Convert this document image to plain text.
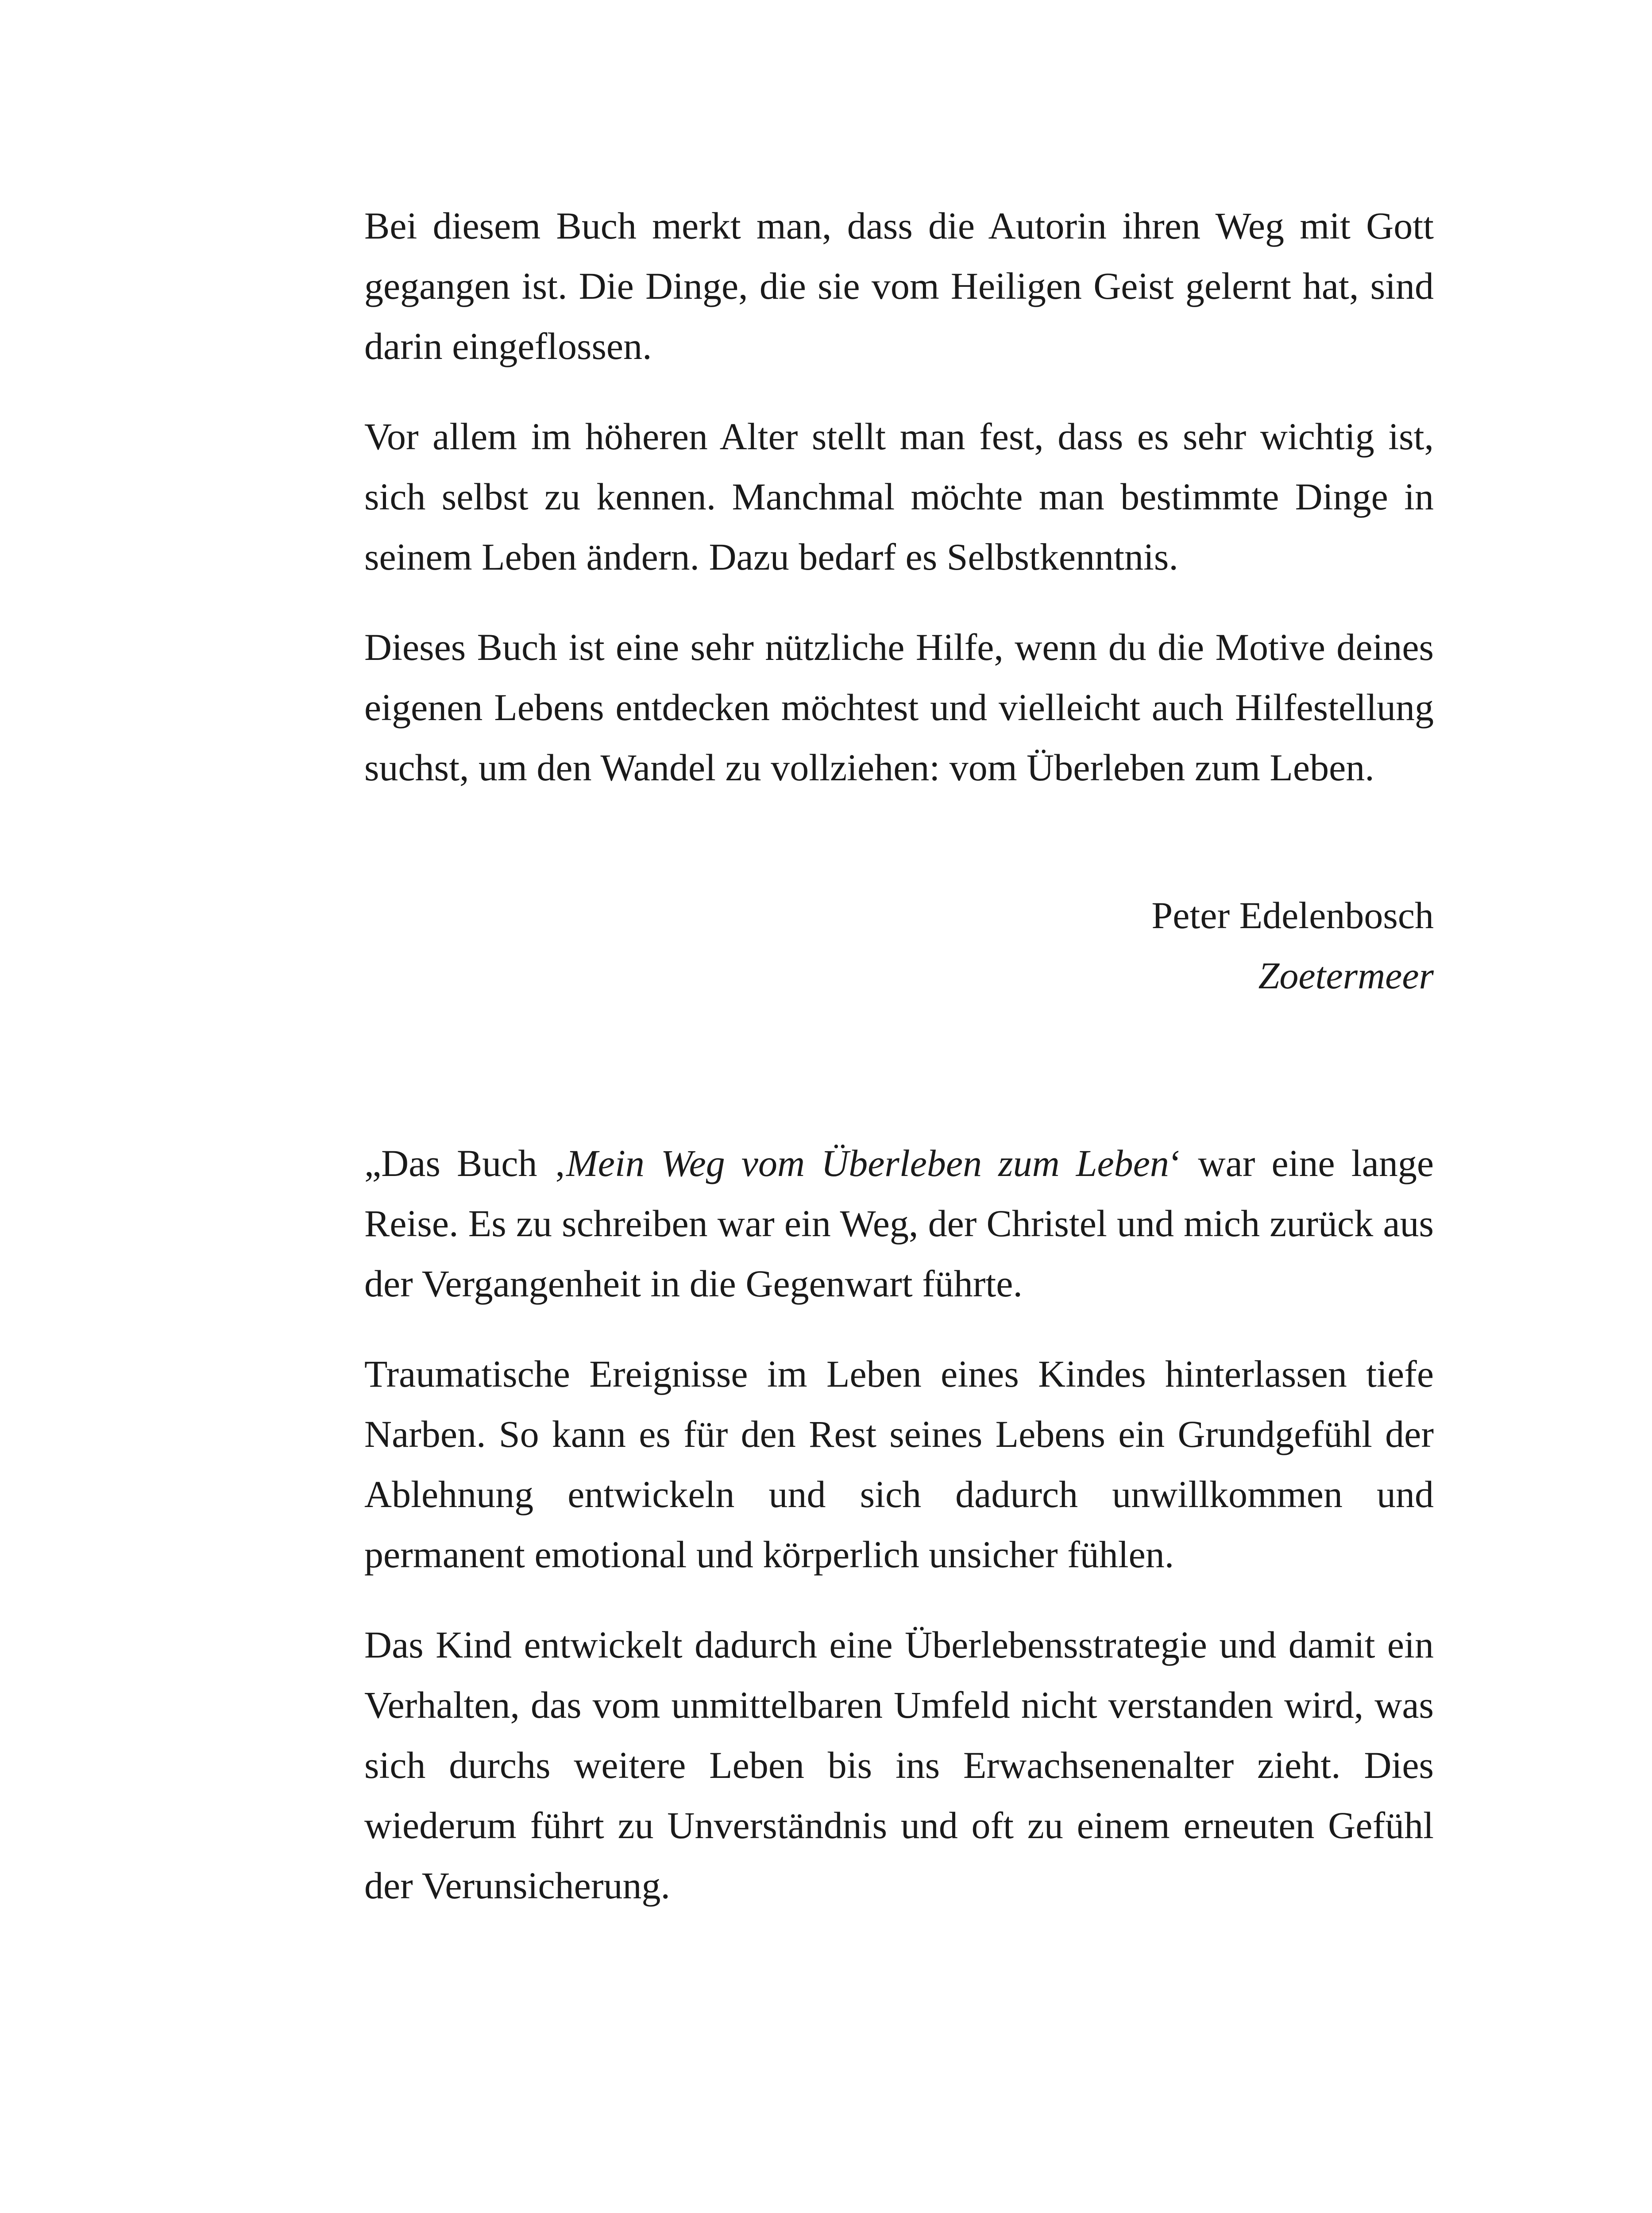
Bei diesem Buch merkt man, dass die Autorin ihren Weg mit Gott gegangen ist. Die Dinge, die sie vom Heiligen Geist gelernt hat, sind darin eingeflossen.

Vor allem im höheren Alter stellt man fest, dass es sehr wichtig ist, sich selbst zu kennen. Manchmal möchte man bestimmte Dinge in seinem Leben ändern. Dazu bedarf es Selbstkenntnis.

Dieses Buch ist eine sehr nützliche Hilfe, wenn du die Motive deines eigenen Lebens entdecken möchtest und vielleicht auch Hilfestellung suchst, um den Wandel zu vollziehen: vom Überleben zum Leben.

Peter Edelenbosch
Zoetermeer

„Das Buch ‚Mein Weg vom Überleben zum Leben‘ war eine lange Reise. Es zu schreiben war ein Weg, der Christel und mich zurück aus der Vergangenheit in die Gegenwart führte.

Traumatische Ereignisse im Leben eines Kindes hinterlassen tiefe Narben. So kann es für den Rest seines Lebens ein Grundgefühl der Ablehnung entwickeln und sich dadurch unwillkommen und permanent emotional und körperlich unsicher fühlen.

Das Kind entwickelt dadurch eine Überlebensstrategie und damit ein Verhalten, das vom unmittelbaren Umfeld nicht verstanden wird, was sich durchs weitere Leben bis ins Erwachsenenalter zieht. Dies wiederum führt zu Unverständnis und oft zu einem erneuten Gefühl der Verunsicherung.
